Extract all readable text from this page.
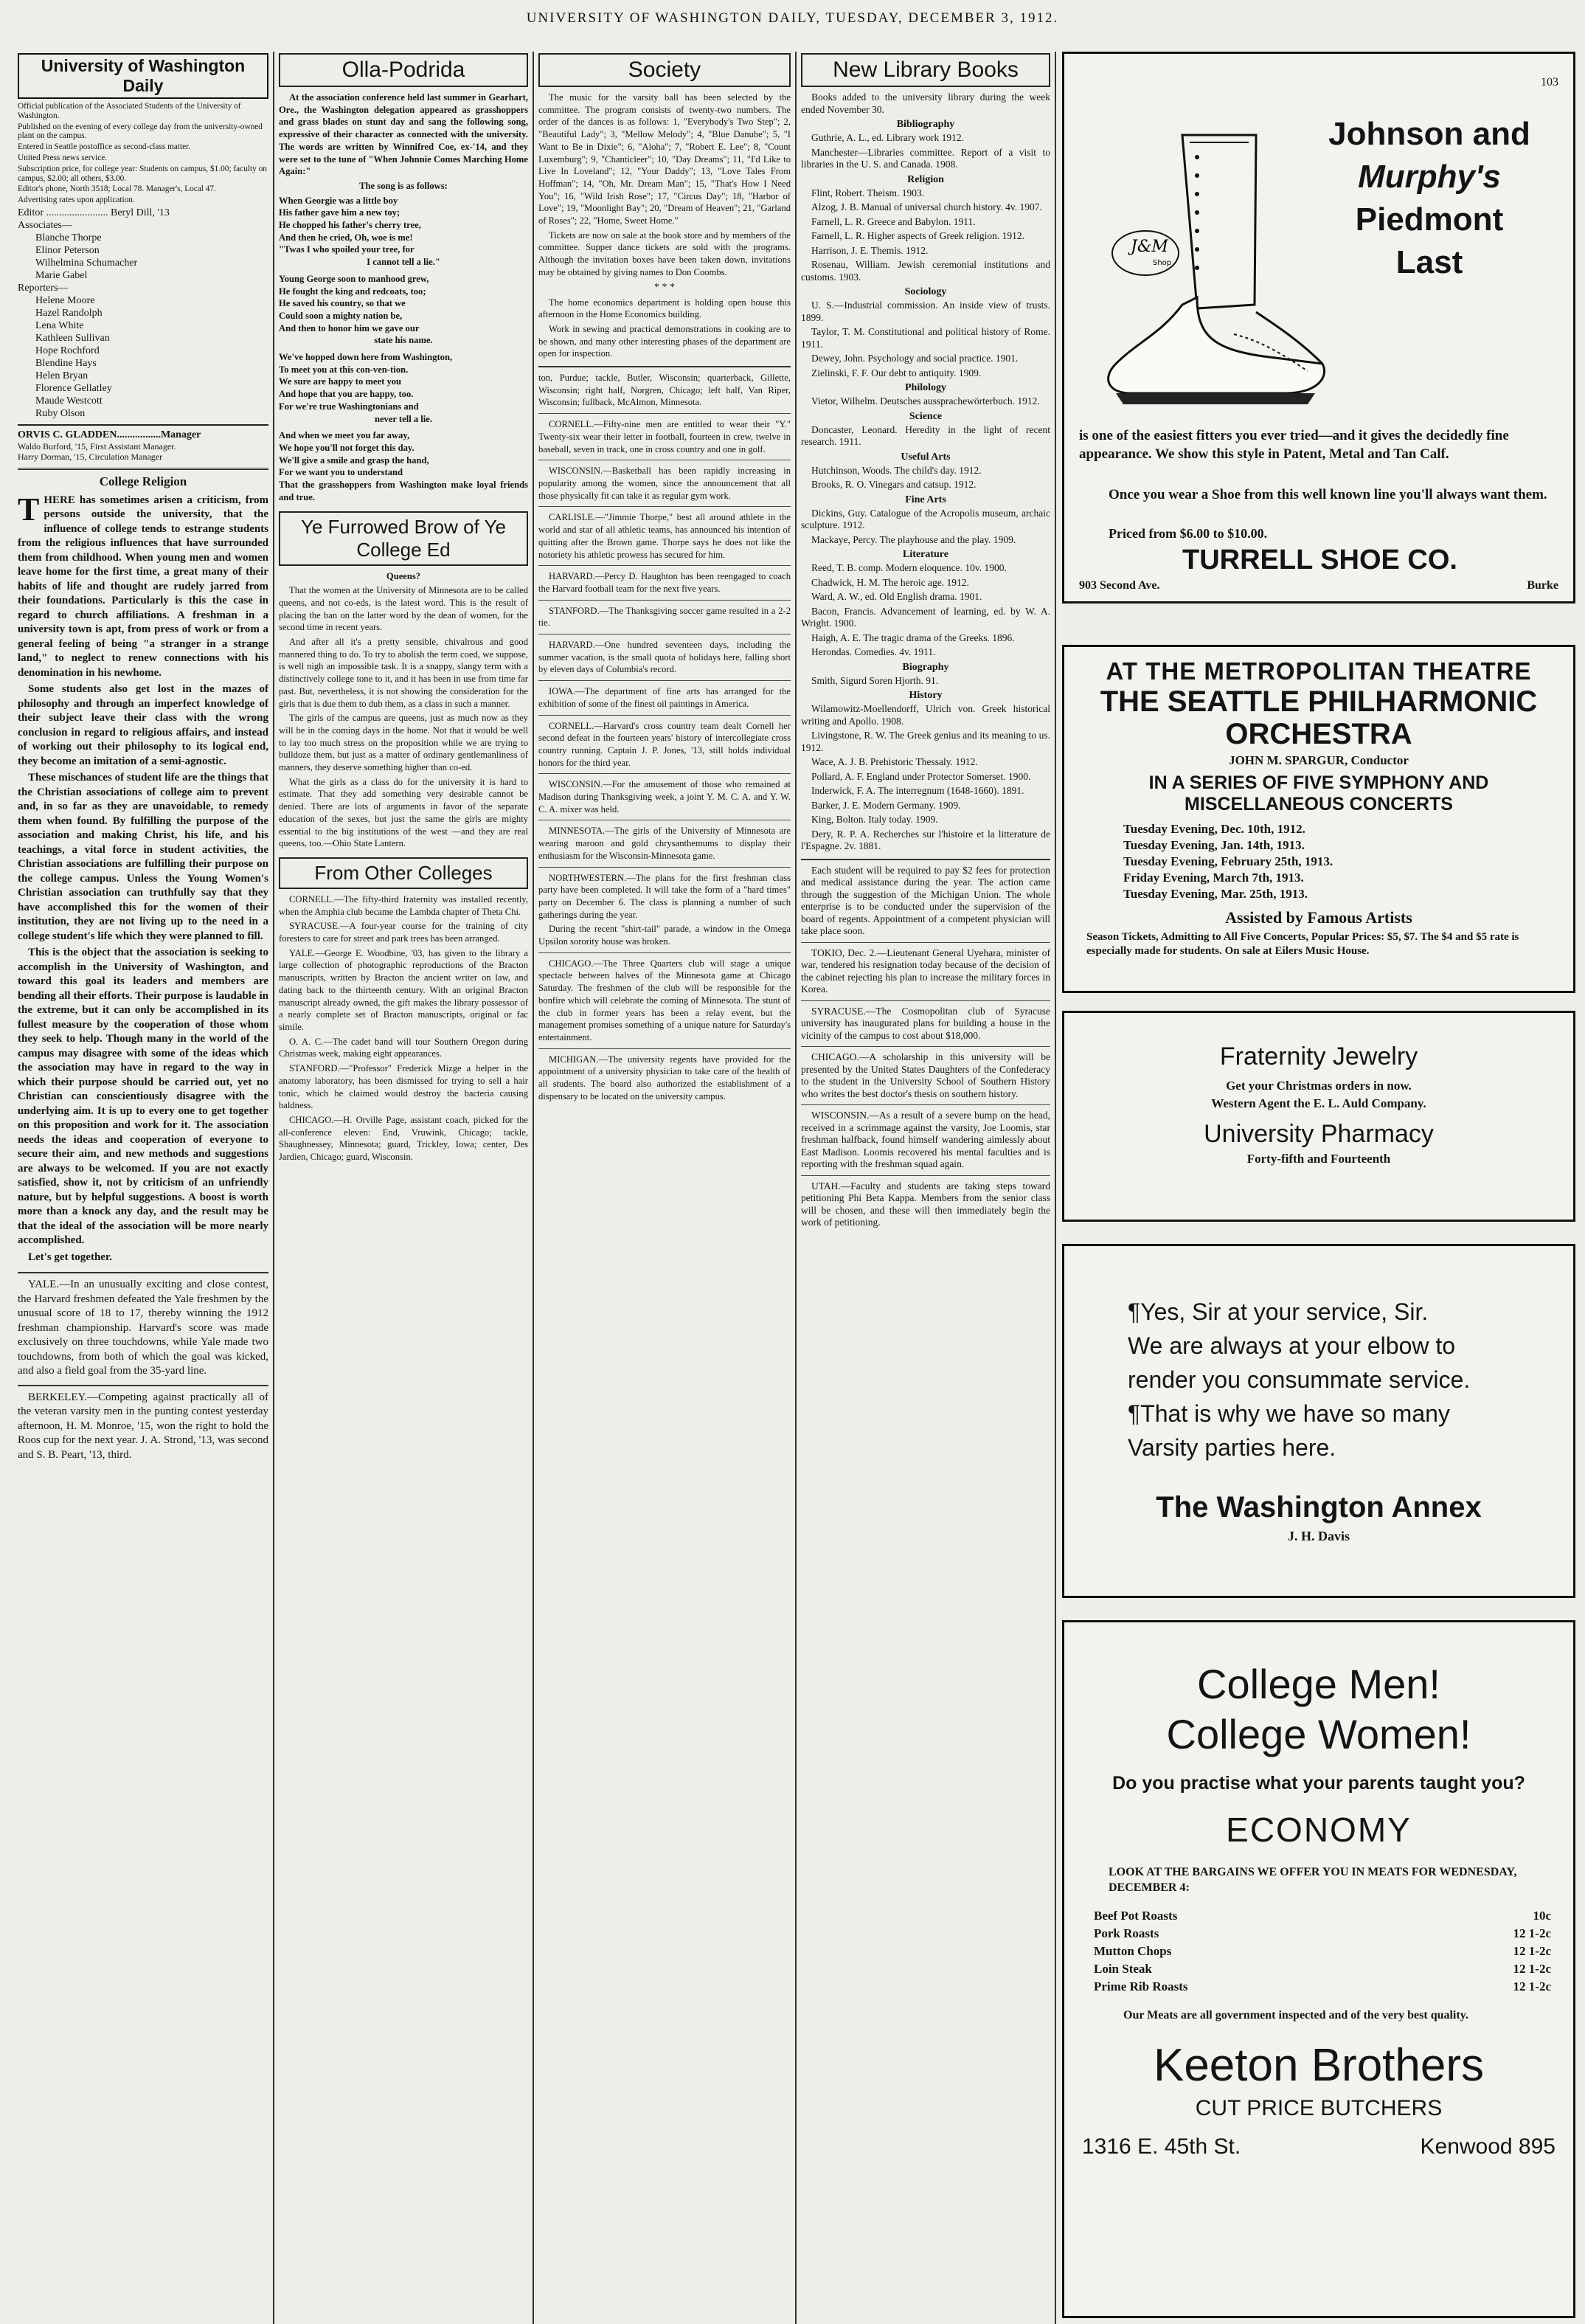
UNIVERSITY OF WASHINGTON DAILY, TUESDAY, DECEMBER 3, 1912.
University of Washington Daily

Official publication of the Associated Students of the University of Washington.

Published on the evening of every college day from the university-owned plant on the campus.

Entered in Seattle postoffice as second-class matter.

United Press news service.

Subscription price, for college year: Students on campus, $1.00; faculty on campus, $2.00; all others, $3.00.

Editor's phone, North 3518; Local 78. Manager's, Local 47.

Advertising rates upon application.

Editor ........................ Beryl Dill, '13

Associates—

Blanche Thorpe

Elinor Peterson

Wilhelmina Schumacher

Marie Gabel

Reporters—

Helene Moore

Hazel Randolph

Lena White

Kathleen Sullivan

Hope Rochford

Blendine Hays

Helen Bryan

Florence Gellatley

Maude Westcott

Ruby Olson

ORVIS C. GLADDEN.................Manager

Waldo Burford, '15, First Assistant Manager.

Harry Dorman, '15, Circulation Manager

College Religion
THERE has sometimes arisen a criticism, from persons outside the university, that the influence of college tends to estrange students from the religious influences that have surrounded them from childhood. When young men and women leave home for the first time, a great many of their habits of life and thought are rudely jarred from their foundations. Particularly is this the case in regard to church affiliations. A freshman in a university town is apt, from press of work or from a general feeling of being "a stranger in a strange land," to neglect to renew connections with his denomination in his newhome.

Some students also get lost in the mazes of philosophy and through an imperfect knowledge of their subject leave their class with the wrong conclusion in regard to religious affairs, and instead of working out their philosophy to its logical end, they become an imitation of a semi-agnostic.

These mischances of student life are the things that the Christian associations of college aim to prevent and, in so far as they are unavoidable, to remedy them when found. By fulfilling the purpose of the association and making Christ, his life, and his teachings, a vital force in student activities, the Christian associations are fulfilling their purpose on the college campus. Unless the Young Women's Christian association can truthfully say that they have accomplished this for the women of their institution, they are not living up to the need in a college student's life which they were planned to fill.

This is the object that the association is seeking to accomplish in the University of Washington, and toward this goal its leaders and members are bending all their efforts. Their purpose is laudable in the extreme, but it can only be accomplished in its fullest measure by the cooperation of those whom they seek to help. Though many in the world of the campus may disagree with some of the ideas which the association may have in regard to the way in which their purpose should be carried out, yet no Christian can conscientiously disagree with the underlying aim. It is up to every one to get together on this proposition and work for it. The association needs the ideas and cooperation of everyone to secure their aim, and new methods and suggestions are always to be welcomed. If you are not exactly satisfied, show it, not by criticism of an unfriendly nature, but by helpful suggestions. A boost is worth more than a knock any day, and the result may be that the ideal of the association will be more nearly accomplished.

Let's get together.

YALE.—In an unusually exciting and close contest, the Harvard freshmen defeated the Yale freshmen by the unusual score of 18 to 17, thereby winning the 1912 freshman championship. Harvard's score was made exclusively on three touchdowns, while Yale made two touchdowns, from both of which the goal was kicked, and also a field goal from the 35-yard line.

BERKELEY.—Competing against practically all of the veteran varsity men in the punting contest yesterday afternoon, H. M. Monroe, '15, won the right to hold the Roos cup for the next year. J. A. Strond, '13, was second and S. B. Peart, '13, third.

Olla-Podrida

At the association conference held last summer in Gearhart, Ore., the Washington delegation appeared as grasshoppers and grass blades on stunt day and sang the following song, expressive of their character as connected with the university. The words are written by Winnifred Coe, ex-'14, and they were set to the tune of "When Johnnie Comes Marching Home Again:"

The song is as follows:

When Georgie was a little boy
His father gave him a new toy;
He chopped his father's cherry tree,
And then he cried, Oh, woe is me!
"Twas I who spoiled your tree, for
I cannot tell a lie."
Young George soon to manhood grew,
He fought the king and redcoats, too;
He saved his country, so that we
Could soon a mighty nation be,
And then to honor him we gave our
state his name.
We've hopped down here from Washington,
To meet you at this con-ven-tion.
We sure are happy to meet you
And hope that you are happy, too.
For we're true Washingtonians and
never tell a lie.
And when we meet you far away,
We hope you'll not forget this day.
We'll give a smile and grasp the hand,
For we want you to understand
That the grasshoppers from Washington make loyal friends and true.
Ye Furrowed Brow of Ye College Ed

Queens?

That the women at the University of Minnesota are to be called queens, and not co-eds, is the latest word. This is the result of placing the ban on the latter word by the dean of women, for the second time in recent years.

And after all it's a pretty sensible, chivalrous and good mannered thing to do. To try to abolish the term coed, we suppose, is well nigh an impossible task. It is a snappy, slangy term with a distinctively college tone to it, and it has been in use from time far past. But, nevertheless, it is not showing the consideration for the girls that is due them to dub them, as a class in such a manner.

The girls of the campus are queens, just as much now as they will be in the coming days in the home. Not that it would be well to lay too much stress on the proposition while we are trying to bulldoze them, but just as a matter of ordinary gentlemanliness of manners, they deserve something higher than co-ed.

What the girls as a class do for the university it is hard to estimate. That they add something very desirable cannot be denied. There are lots of arguments in favor of the separate education of the sexes, but just the same the girls are mighty essential to the big institutions of the west —and they are real queens, too.—Ohio State Lantern.

From Other Colleges

CORNELL.—The fifty-third fraternity was installed recently, when the Amphia club became the Lambda chapter of Theta Chi.

SYRACUSE.—A four-year course for the training of city foresters to care for street and park trees has been arranged.

YALE.—George E. Woodbine, '03, has given to the library a large collection of photographic reproductions of the Bracton manuscripts, written by Bracton the ancient writer on law, and dating back to the thirteenth century. With an original Bracton manuscript already owned, the gift makes the library possessor of a nearly complete set of Bracton manuscripts, original or fac simile.

O. A. C.—The cadet band will tour Southern Oregon during Christmas week, making eight appearances.

STANFORD.—"Professor" Frederick Mizge a helper in the anatomy laboratory, has been dismissed for trying to sell a hair tonic, which he claimed would destroy the bacteria causing baldness.

CHICAGO.—H. Orville Page, assistant coach, picked for the all-conference eleven: End, Vruwink, Chicago; tackle, Shaughnessey, Minnesota; guard, Trickley, Iowa; center, Des Jardien, Chicago; guard, Wisconsin.

Society

The music for the varsity ball has been selected by the committee. The program consists of twenty-two numbers. The order of the dances is as follows: 1, "Everybody's Two Step"; 2, "Beautiful Lady"; 3, "Mellow Melody"; 4, "Blue Danube"; 5, "I Want to Be in Dixie"; 6, "Aloha"; 7, "Robert E. Lee"; 8, "Count Luxemburg"; 9, "Chanticleer"; 10, "Day Dreams"; 11, "I'd Like to Live In Loveland"; 12, "Your Daddy"; 13, "Love Tales From Hoffman"; 14, "Oh, Mr. Dream Man"; 15, "That's How I Need You"; 16, "Wild Irish Rose"; 17, "Circus Day"; 18, "Harbor of Love"; 19, "Moonlight Bay"; 20, "Dream of Heaven"; 21, "Garland of Roses"; 22, "Home, Sweet Home."

Tickets are now on sale at the book store and by members of the committee. Supper dance tickets are sold with the programs. Although the invitation boxes have been taken down, invitations may be obtained by giving names to Don Coombs.

* * *

The home economics department is holding open house this afternoon in the Home Economics building.

Work in sewing and practical demonstrations in cooking are to be shown, and many other interesting phases of the department are open for inspection.

ton, Purdue; tackle, Butler, Wisconsin; quarterback, Gillette, Wisconsin; right half, Norgren, Chicago; left half, Van Riper, Wisconsin; fullback, McAlmon, Minnesota.

CORNELL.—Fifty-nine men are entitled to wear their "Y." Twenty-six wear their letter in football, fourteen in crew, twelve in baseball, seven in track, one in cross country and one in golf.

WISCONSIN.—Basketball has been rapidly increasing in popularity among the women, since the announcement that all those physically fit can take it as regular gym work.

CARLISLE.—"Jimmie Thorpe," best all around athlete in the world and star of all athletic teams, has announced his intention of quitting after the Brown game. Thorpe says he does not like the notoriety his athletic prowess has secured for him.

HARVARD.—Percy D. Haughton has been reengaged to coach the Harvard football team for the next five years.

STANFORD.—The Thanksgiving soccer game resulted in a 2-2 tie.

HARVARD.—One hundred seventeen days, including the summer vacation, is the small quota of holidays here, falling short by eleven days of Columbia's record.

IOWA.—The department of fine arts has arranged for the exhibition of some of the finest oil paintings in America.

CORNELL.—Harvard's cross country team dealt Cornell her second defeat in the fourteen years' history of intercollegiate cross country running. Captain J. P. Jones, '13, still holds individual honors for the third year.

WISCONSIN.—For the amusement of those who remained at Madison during Thanksgiving week, a joint Y. M. C. A. and Y. W. C. A. mixer was held.

MINNESOTA.—The girls of the University of Minnesota are wearing maroon and gold chrysanthemums to display their enthusiasm for the Wisconsin-Minnesota game.

NORTHWESTERN.—The plans for the first freshman class party have been completed. It will take the form of a "hard times" party on December 6. The class is planning a number of such gatherings during the year.

During the recent "shirt-tail" parade, a window in the Omega Upsilon sorority house was broken.

CHICAGO.—The Three Quarters club will stage a unique spectacle between halves of the Minnesota game at Chicago Saturday. The freshmen of the club will be responsible for the bonfire which will celebrate the coming of Minnesota. The stunt of the club in former years has been a relay event, but the management promises something of a unique nature for Saturday's entertainment.

MICHIGAN.—The university regents have provided for the appointment of a university physician to take care of the health of all students. The board also authorized the establishment of a dispensary to be located on the university campus.

New Library Books

Books added to the university library during the week ended November 30.

Bibliography

Guthrie, A. L., ed. Library work 1912.

Manchester—Libraries committee. Report of a visit to libraries in the U. S. and Canada. 1908.

Religion

Flint, Robert. Theism. 1903.

Alzog, J. B. Manual of universal church history. 4v. 1907.

Farnell, L. R. Greece and Babylon. 1911.

Farnell, L. R. Higher aspects of Greek religion. 1912.

Harrison, J. E. Themis. 1912.

Rosenau, William. Jewish ceremonial institutions and customs. 1903.

Sociology

U. S.—Industrial commission. An inside view of trusts. 1899.

Taylor, T. M. Constitutional and political history of Rome. 1911.

Dewey, John. Psychology and social practice. 1901.

Zielinski, F. F. Our debt to antiquity. 1909.

Philology

Vietor, Wilhelm. Deutsches aussprachewörterbuch. 1912.

Science

Doncaster, Leonard. Heredity in the light of recent research. 1911.

Useful Arts

Hutchinson, Woods. The child's day. 1912.

Brooks, R. O. Vinegars and catsup. 1912.

Fine Arts

Dickins, Guy. Catalogue of the Acropolis museum, archaic sculpture. 1912.

Mackaye, Percy. The playhouse and the play. 1909.

Literature

Reed, T. B. comp. Modern eloquence. 10v. 1900.

Chadwick, H. M. The heroic age. 1912.

Ward, A. W., ed. Old English drama. 1901.

Bacon, Francis. Advancement of learning, ed. by W. A. Wright. 1900.

Haigh, A. E. The tragic drama of the Greeks. 1896.

Herondas. Comedies. 4v. 1911.

Biography

Smith, Sigurd Soren Hjorth. 91.

History

Wilamowitz-Moellendorff, Ulrich von. Greek historical writing and Apollo. 1908.

Livingstone, R. W. The Greek genius and its meaning to us. 1912.

Wace, A. J. B. Prehistoric Thessaly. 1912.

Pollard, A. F. England under Protector Somerset. 1900.

Inderwick, F. A. The interregnum (1648-1660). 1891.

Barker, J. E. Modern Germany. 1909.

King, Bolton. Italy today. 1909.

Dery, R. P. A. Recherches sur l'histoire et la litterature de l'Espagne. 2v. 1881.

Each student will be required to pay $2 fees for protection and medical assistance during the year. The action came through the suggestion of the Michigan Union. The whole enterprise is to be conducted under the supervision of the board of regents. Appointment of a competent physician will take place soon.

TOKIO, Dec. 2.—Lieutenant General Uyehara, minister of war, tendered his resignation today because of the decision of the cabinet rejecting his plan to increase the military forces in Korea.

SYRACUSE.—The Cosmopolitan club of Syracuse university has inaugurated plans for building a house in the vicinity of the campus to cost about $18,000.

CHICAGO.—A scholarship in this university will be presented by the United States Daughters of the Confederacy to the student in the University School of Southern History who writes the best doctor's thesis on southern history.

WISCONSIN.—As a result of a severe bump on the head, received in a scrimmage against the varsity, Joe Loomis, star freshman halfback, found himself wandering aimlessly about East Madison. Loomis recovered his mental faculties and is reporting with the freshman squad again.

UTAH.—Faculty and students are taking steps toward petitioning Phi Beta Kappa. Members from the senior class will be chosen, and these will then immediately begin the work of petitioning.

103
Johnson and
Murphy's
Piedmont
Last
J&M
Shop
is one of the easiest fitters you ever tried—and it gives the decidedly fine appearance. We show this style in Patent, Metal and Tan Calf.
Once you wear a Shoe from this well known line you'll always want them.
Priced from $6.00 to $10.00.
TURRELL SHOE CO.
903 Second Ave.	Burke
AT THE METROPOLITAN THEATRE
THE SEATTLE PHILHARMONIC
ORCHESTRA
JOHN M. SPARGUR, Conductor
IN A SERIES OF FIVE SYMPHONY AND
MISCELLANEOUS CONCERTS
Tuesday Evening, Dec. 10th, 1912.
Tuesday Evening, Jan. 14th, 1913.
Tuesday Evening, February 25th, 1913.
Friday Evening, March 7th, 1913.
Tuesday Evening, Mar. 25th, 1913.
Assisted by Famous Artists
Season Tickets, Admitting to All Five Concerts, Popular Prices: $5, $7. The $4 and $5 rate is especially made for students. On sale at Eilers Music House.
Fraternity Jewelry
Get your Christmas orders in now.
Western Agent the E. L. Auld Company.
University Pharmacy
Forty-fifth and Fourteenth
¶Yes, Sir at your service, Sir.
We are always at your elbow to
render you consummate service.
¶That is why we have so many
Varsity parties here.
The Washington Annex
J. H. Davis
College Men!
College Women!
Do you practise what your parents taught you?
ECONOMY
LOOK AT THE BARGAINS WE OFFER YOU IN MEATS FOR WEDNESDAY, DECEMBER 4:
Beef Pot Roasts	10c
Pork Roasts	12 1-2c
Mutton Chops	12 1-2c
Loin Steak	12 1-2c
Prime Rib Roasts	12 1-2c
Our Meats are all government inspected and of the very best quality.
Keeton Brothers
CUT PRICE BUTCHERS
1316 E. 45th St.	Kenwood 895
